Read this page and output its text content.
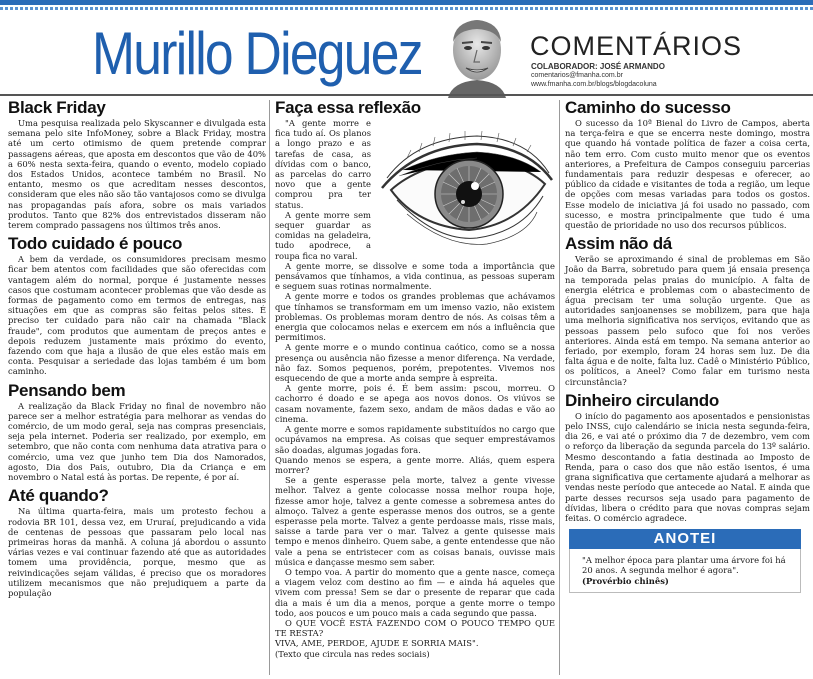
Murillo Dieguez	COMENTÁRIOS
COLABORADOR: JOSÉ ARMANDO
comentarios@fmanha.com.br
www.fmanha.com.br/blogs/blogdacoluna
Black Friday

Uma pesquisa realizada pelo Skyscanner e divulgada esta semana pelo site InfoMoney, sobre a Black Friday, mostra até um certo otimismo de quem pretende comprar passagens aéreas, que aposta em descontos que vão de 40% a 60% nesta sexta-feira, quando o evento, modelo copiado dos Estados Unidos, acontece também no Brasil. No entanto, mesmo os que acreditam nesses descontos, consideram que eles não são tão vantajosos como se divulga nas propagandas país afora, sobre os mais variados produtos. Tanto que 82% dos entrevistados disseram não terem comprado passagens nos últimos três anos.

Todo cuidado é pouco

A bem da verdade, os consumidores precisam mesmo ficar bem atentos com facilidades que são oferecidas com vantagem além do normal, porque é justamente nesses casos que costumam acontecer problemas que vão desde as formas de pagamento como em termos de entregas, nas situações em que as compras são feitas pelos sites. É preciso ter cuidado para não cair na chamada "Black fraude", com produtos que aumentam de preços antes e depois reduzem justamente mais próximo do evento, fazendo com que haja a ilusão de que eles estão mais em conta. Pesquisar a seriedade das lojas também é um bom caminho.

Pensando bem

A realização da Black Friday no final de novembro não parece ser a melhor estratégia para melhorar as vendas do comércio, de um modo geral, seja nas compras presenciais, seja pela internet. Poderia ser realizado, por exemplo, em setembro, que não conta com nenhuma data atrativa para o comércio, uma vez que junho tem Dia dos Namorados, agosto, Dia dos Pais, outubro, Dia da Criança e em novembro o Natal está às portas. De repente, é por aí.

Até quando?

Na última quarta-feira, mais um protesto fechou a rodovia BR 101, dessa vez, em Ururaí, prejudicando a vida de centenas de pessoas que passaram pelo local nas primeiras horas da manhã. A coluna já abordou o assunto várias vezes e vai continuar fazendo até que as autoridades tomem uma providência, porque, mesmo que as reivindicações sejam válidas, é preciso que os moradores utilizem mecanismos que não prejudiquem a parte da população

Faça essa reflexão

"A gente morre e fica tudo aí. Os planos a longo prazo e as tarefas de casa, as dívidas com o banco, as parcelas do carro novo que a gente comprou pra ter status.

A gente morre sem sequer guardar as comidas na geladeira, tudo apodrece, a roupa fica no varal.

A gente morre, se dissolve e some toda a importância que pensávamos que tínhamos, a vida continua, as pessoas superam e seguem suas rotinas normalmente.

A gente morre e todos os grandes problemas que achávamos que tínhamos se transformam em um imenso vazio, não existem problemas. Os problemas moram dentro de nós. As coisas têm a energia que colocamos nelas e exercem em nós a influência que permitimos.

A gente morre e o mundo continua caótico, como se a nossa presença ou ausência não fizesse a menor diferença. Na verdade, não faz. Somos pequenos, porém, prepotentes. Vivemos nos esquecendo de que a morte anda sempre à espreita.

A gente morre, pois é. É bem assim: pscou, morreu. O cachorro é doado e se apega aos novos donos. Os viúvos se casam novamente, fazem sexo, andam de mãos dadas e vão ao cinema.

A gente morre e somos rapidamente substituídos no cargo que ocupávamos na empresa. As coisas que sequer emprestávamos são doadas, algumas jogadas fora.

Quando menos se espera, a gente morre. Aliás, quem espera morrer?

Se a gente esperasse pela morte, talvez a gente vivesse melhor. Talvez a gente colocasse nossa melhor roupa hoje, fizesse amor hoje, talvez a gente comesse a sobremesa antes do almoço. Talvez a gente esperasse menos dos outros, se a gente esperasse pela morte. Talvez a gente perdoasse mais, risse mais, saisse a tarde para ver o mar. Talvez a gente quisesse mais tempo e menos dinheiro. Quem sabe, a gente entendesse que não vale a pena se entristecer com as coisas banais, ouvisse mais música e dançasse mesmo sem saber.

O tempo voa. A partir do momento que a gente nasce, começa a viagem veloz com destino ao fim — e ainda há aqueles que vivem com pressa! Sem se dar o presente de reparar que cada dia a mais é um dia a menos, porque a gente morre o tempo todo, aos poucos e um pouco mais a cada segundo que passa.

O QUE VOCÊ ESTÁ FAZENDO COM O POUCO TEMPO QUE TE RESTA?

VIVA, AME, PERDOE, AJUDE E SORRIA MAIS".

(Texto que circula nas redes sociais)

Caminho do sucesso

O sucesso da 10ª Bienal do Livro de Campos, aberta na terça-feira e que se encerra neste domingo, mostra que quando há vontade política de fazer a coisa certa, não tem erro. Com custo muito menor que os eventos anteriores, a Prefeitura de Campos conseguiu parcerias fundamentais para reduzir despesas e oferecer, ao público da cidade e visitantes de toda a região, um leque de opções com mesas variadas para todos os gostos. Esse modelo de iniciativa já foi usado no passado, com sucesso, e mostra principalmente que tudo é uma questão de prioridade no uso dos recursos públicos.

Assim não dá

Verão se aproximando é sinal de problemas em São João da Barra, sobretudo para quem já ensaia presença na temporada pelas praias do município. A falta de energia elétrica e problemas com o abastecimento de água precisam ter uma solução urgente. Que as autoridades sanjoanenses se mobilizem, para que haja uma melhoria significativa nos serviços, evitando que as pessoas passem pelo sufoco que foi nos verões anteriores. Ainda está em tempo. Na semana anterior ao feriado, por exemplo, foram 24 horas sem luz. De dia falta água e de noite, falta luz. Cadê o Ministério Público, os políticos, a Aneel? Como falar em turismo nesta circunstância?

Dinheiro circulando

O início do pagamento aos aposentados e pensionistas pelo INSS, cujo calendário se inicia nesta segunda-feira, dia 26, e vai até o próximo dia 7 de dezembro, vem com o reforço da liberação da segunda parcela do 13º salário. Mesmo descontando a fatia destinada ao Imposto de Renda, para o caso dos que não estão isentos, é uma grana significativa que certamente ajudará a melhorar as vendas neste período que antecede ao Natal. E ainda que parte desses recursos seja usado para pagamento de dívidas, libera o crédito para que novas compras sejam feitas. O comércio agradece.

ANOTEI

"A melhor época para plantar uma árvore foi há 20 anos. A segunda melhor é agora".

(Provérbio chinês)
